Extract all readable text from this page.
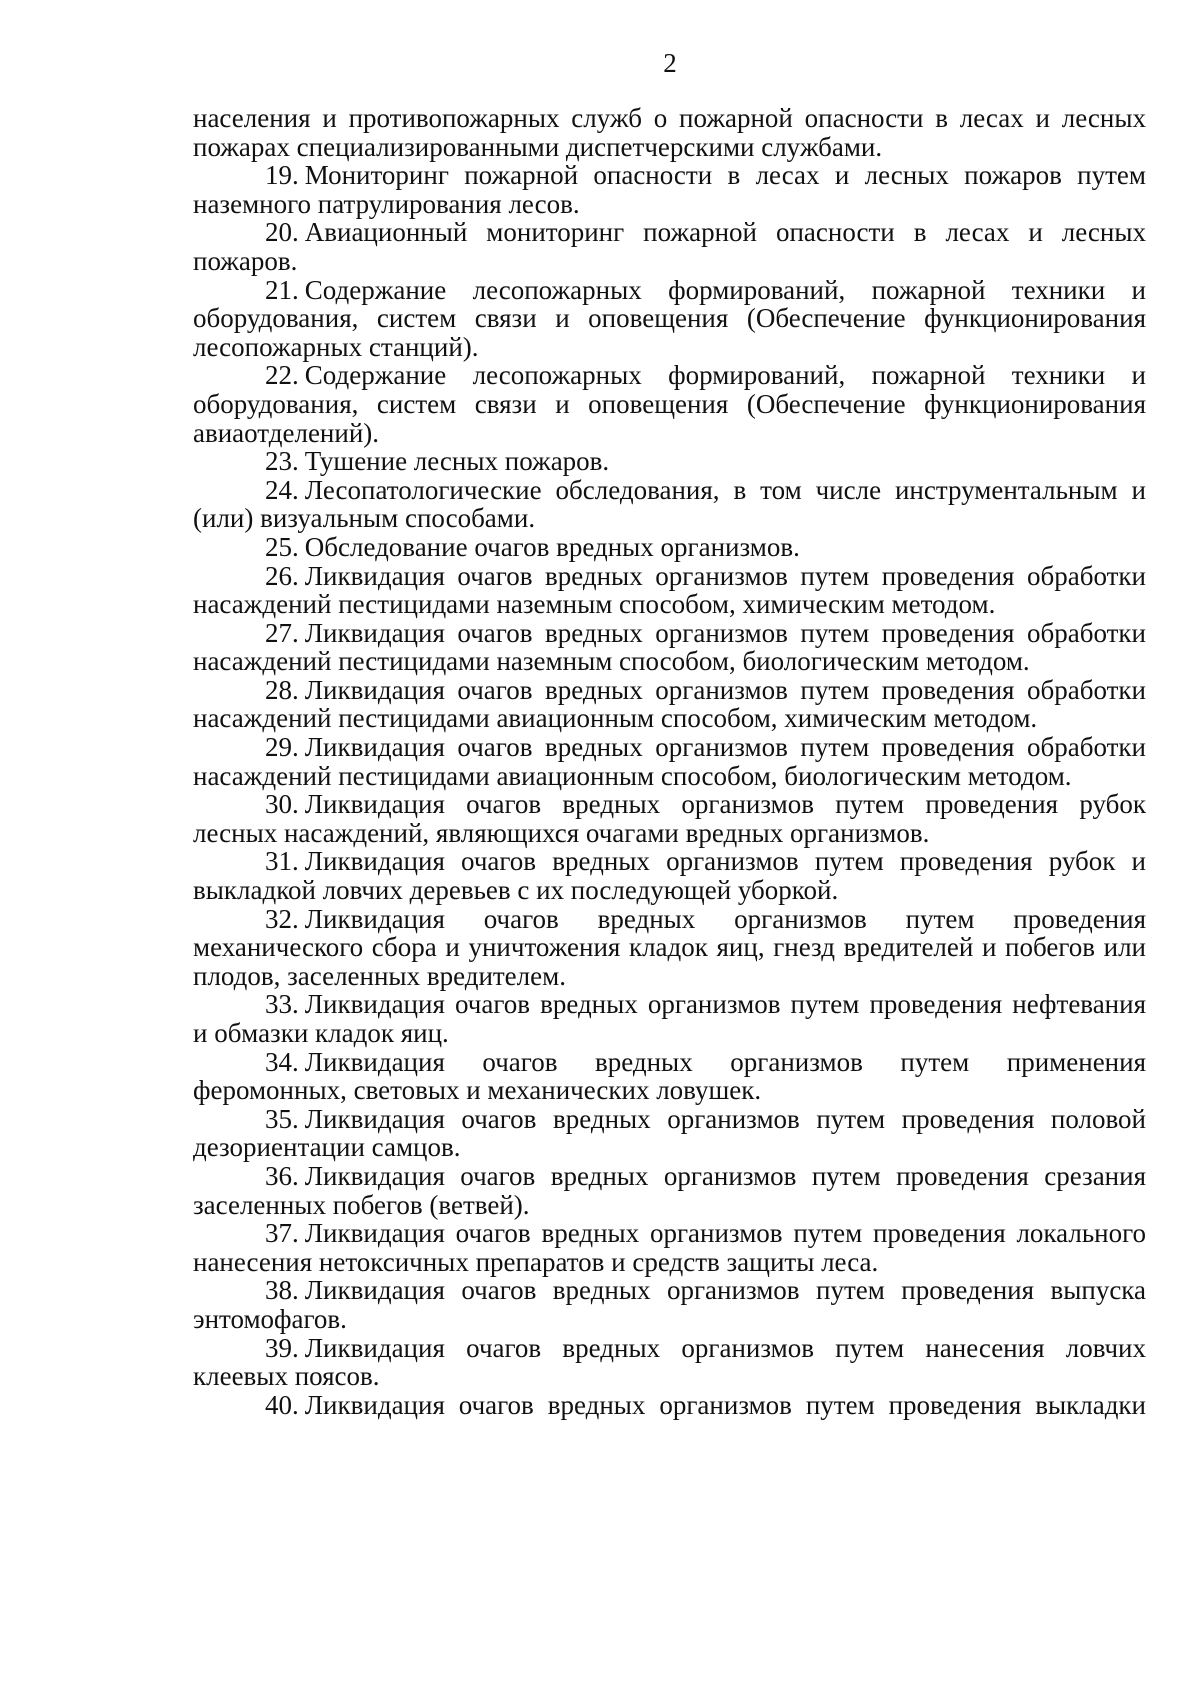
2

населения и противопожарных служб о пожарной опасности в лесах и лесных пожарах специализированными диспетчерскими службами.

19. Мониторинг пожарной опасности в лесах и лесных пожаров путем наземного патрулирования лесов.

20. Авиационный мониторинг пожарной опасности в лесах и лесных пожаров.

21. Содержание лесопожарных формирований, пожарной техники и оборудования, систем связи и оповещения (Обеспечение функционирования лесопожарных станций).

22. Содержание лесопожарных формирований, пожарной техники и оборудования, систем связи и оповещения (Обеспечение функционирования авиаотделений).

23. Тушение лесных пожаров.

24. Лесопатологические обследования, в том числе инструментальным и (или) визуальным способами.

25. Обследование очагов вредных организмов.

26. Ликвидация очагов вредных организмов путем проведения обработки насаждений пестицидами наземным способом, химическим методом.

27. Ликвидация очагов вредных организмов путем проведения обработки насаждений пестицидами наземным способом, биологическим методом.

28. Ликвидация очагов вредных организмов путем проведения обработки насаждений пестицидами авиационным способом, химическим методом.

29. Ликвидация очагов вредных организмов путем проведения обработки насаждений пестицидами авиационным способом, биологическим методом.

30. Ликвидация очагов вредных организмов путем проведения рубок лесных насаждений, являющихся очагами вредных организмов.

31. Ликвидация очагов вредных организмов путем проведения рубок и выкладкой ловчих деревьев с их последующей уборкой.

32. Ликвидация очагов вредных организмов путем проведения механического сбора и уничтожения кладок яиц, гнезд вредителей и побегов или плодов, заселенных вредителем.

33. Ликвидация очагов вредных организмов путем проведения нефтевания и обмазки кладок яиц.

34. Ликвидация очагов вредных организмов путем применения феромонных, световых и механических ловушек.

35. Ликвидация очагов вредных организмов путем проведения половой дезориентации самцов.

36. Ликвидация очагов вредных организмов путем проведения срезания заселенных побегов (ветвей).

37. Ликвидация очагов вредных организмов путем проведения локального нанесения нетоксичных препаратов и средств защиты леса.

38. Ликвидация очагов вредных организмов путем проведения выпуска энтомофагов.

39. Ликвидация очагов вредных организмов путем нанесения ловчих клеевых поясов.

40. Ликвидация очагов вредных организмов путем проведения выкладки
